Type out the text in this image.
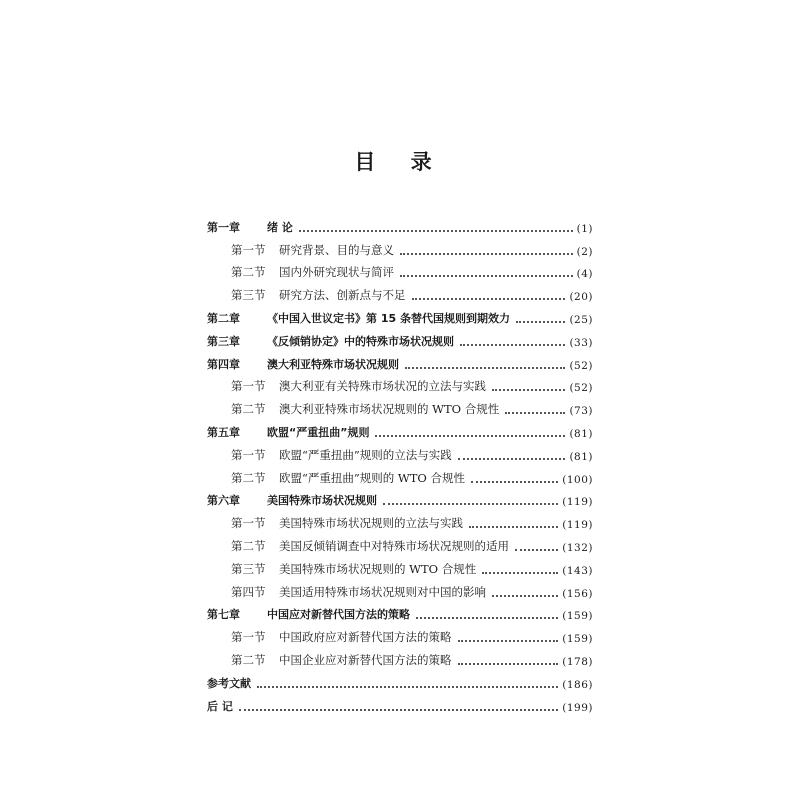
目 录
第一章	绪 论	(1)
第一节	研究背景、目的与意义	(2)
第二节	国内外研究现状与简评	(4)
第三节	研究方法、创新点与不足	(20)
第二章	《中国入世议定书》第 15 条替代国规则到期效力	(25)
第三章	《反倾销协定》中的特殊市场状况规则	(33)
第四章	澳大利亚特殊市场状况规则	(52)
第一节	澳大利亚有关特殊市场状况的立法与实践	(52)
第二节	澳大利亚特殊市场状况规则的 WTO 合规性	(73)
第五章	欧盟“严重扭曲”规则	(81)
第一节	欧盟“严重扭曲”规则的立法与实践	(81)
第二节	欧盟“严重扭曲”规则的 WTO 合规性	(100)
第六章	美国特殊市场状况规则	(119)
第一节	美国特殊市场状况规则的立法与实践	(119)
第二节	美国反倾销调查中对特殊市场状况规则的适用	(132)
第三节	美国特殊市场状况规则的 WTO 合规性	(143)
第四节	美国适用特殊市场状况规则对中国的影响	(156)
第七章	中国应对新替代国方法的策略	(159)
第一节	中国政府应对新替代国方法的策略	(159)
第二节	中国企业应对新替代国方法的策略	(178)
参考文献	(186)
后 记	(199)
